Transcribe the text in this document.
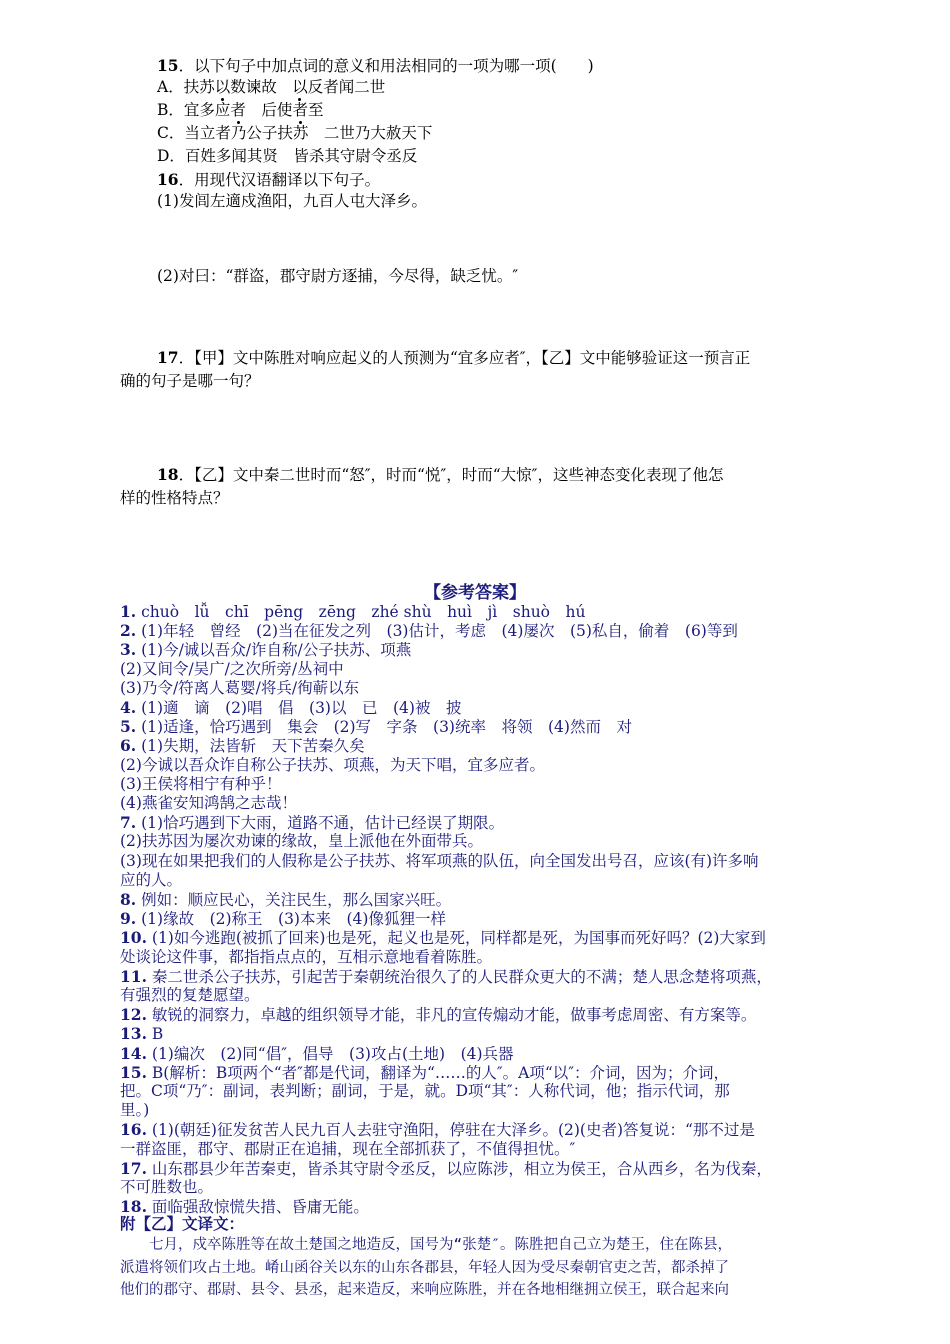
15．以下句子中加点词的意义和用法相同的一项为哪一项(　　)
A．扶苏以数谏故　以反者闻二世
B．宜多应者　后使者至
C．当立者乃公子扶苏　二世乃大赦天下
D．百姓多闻其贤　皆杀其守尉令丞反
16．用现代汉语翻译以下句子。
(1)发闾左適戍渔阳，九百人屯大泽乡。
(2)对曰：“群盗，郡守尉方逐捕，今尽得，缺乏忧。″
17．【甲】文中陈胜对响应起义的人预测为“宜多应者″，【乙】文中能够验证这一预言正
确的句子是哪一句？
18．【乙】文中秦二世时而“怒″，时而“悦″，时而“大惊″，这些神态变化表现了他怎
样的性格特点？
【参考答案】
1. chuò　lǚ　chī　pēng　zēng　zhé shù　huì　jì　shuò　hú
2. (1)年轻　曾经　(2)当在征发之列　(3)估计，考虑　(4)屡次　(5)私自，偷着　(6)等到
3. (1)今/诚以吾众/诈自称/公子扶苏、项燕
(2)又间令/吴广/之次所旁/丛祠中
(3)乃令/符离人葛婴/将兵/徇蕲以东
4. (1)適　谪　(2)唱　倡　(3)以　已　(4)被　披
5. (1)适逢，恰巧遇到　集会　(2)写　字条　(3)统率　将领　(4)然而　对
6. (1)失期，法皆斩　天下苦秦久矣
(2)今诚以吾众诈自称公子扶苏、项燕，为天下唱，宜多应者。
(3)王侯将相宁有种乎！
(4)燕雀安知鸿鹄之志哉！
7. (1)恰巧遇到下大雨，道路不通，估计已经误了期限。
(2)扶苏因为屡次劝谏的缘故，皇上派他在外面带兵。
(3)现在如果把我们的人假称是公子扶苏、将军项燕的队伍，向全国发出号召，应该(有)许多响
应的人。
8. 例如：顺应民心，关注民生，那么国家兴旺。
9. (1)缘故　(2)称王　(3)本来　(4)像狐狸一样
10. (1)如今逃跑(被抓了回来)也是死，起义也是死，同样都是死，为国事而死好吗？(2)大家到
处谈论这件事，都指指点点的，互相示意地看着陈胜。
11. 秦二世杀公子扶苏，引起苦于秦朝统治很久了的人民群众更大的不满；楚人思念楚将项燕，
有强烈的复楚愿望。
12. 敏锐的洞察力，卓越的组织领导才能，非凡的宣传煽动才能，做事考虑周密、有方案等。
13. B
14. (1)编次　(2)同“倡″，倡导　(3)攻占(土地)　(4)兵器
15. B(解析：B项两个“者″都是代词，翻译为“……的人″。A项“以″：介词，因为；介词，
把。C项“乃″：副词，表判断；副词，于是，就。D项“其″：人称代词，他；指示代词，那
里。)
16. (1)(朝廷)征发贫苦人民九百人去驻守渔阳，停驻在大泽乡。(2)(史者)答复说：“那不过是
一群盗匪，郡守、郡尉正在追捕，现在全部抓获了，不值得担忧。″
17. 山东郡县少年苦秦吏，皆杀其守尉令丞反，以应陈涉，相立为侯王，合从西乡，名为伐秦，
不可胜数也。
18. 面临强敌惊慌失措、昏庸无能。
附【乙】文译文：
　　七月，戍卒陈胜等在故土楚国之地造反，国号为“张楚″。陈胜把自己立为楚王，住在陈县，
派遣将领们攻占土地。崤山函谷关以东的山东各郡县，年轻人因为受尽秦朝官吏之苦，都杀掉了
他们的郡守、郡尉、县令、县丞，起来造反，来响应陈胜，并在各地相继拥立侯王，联合起来向
